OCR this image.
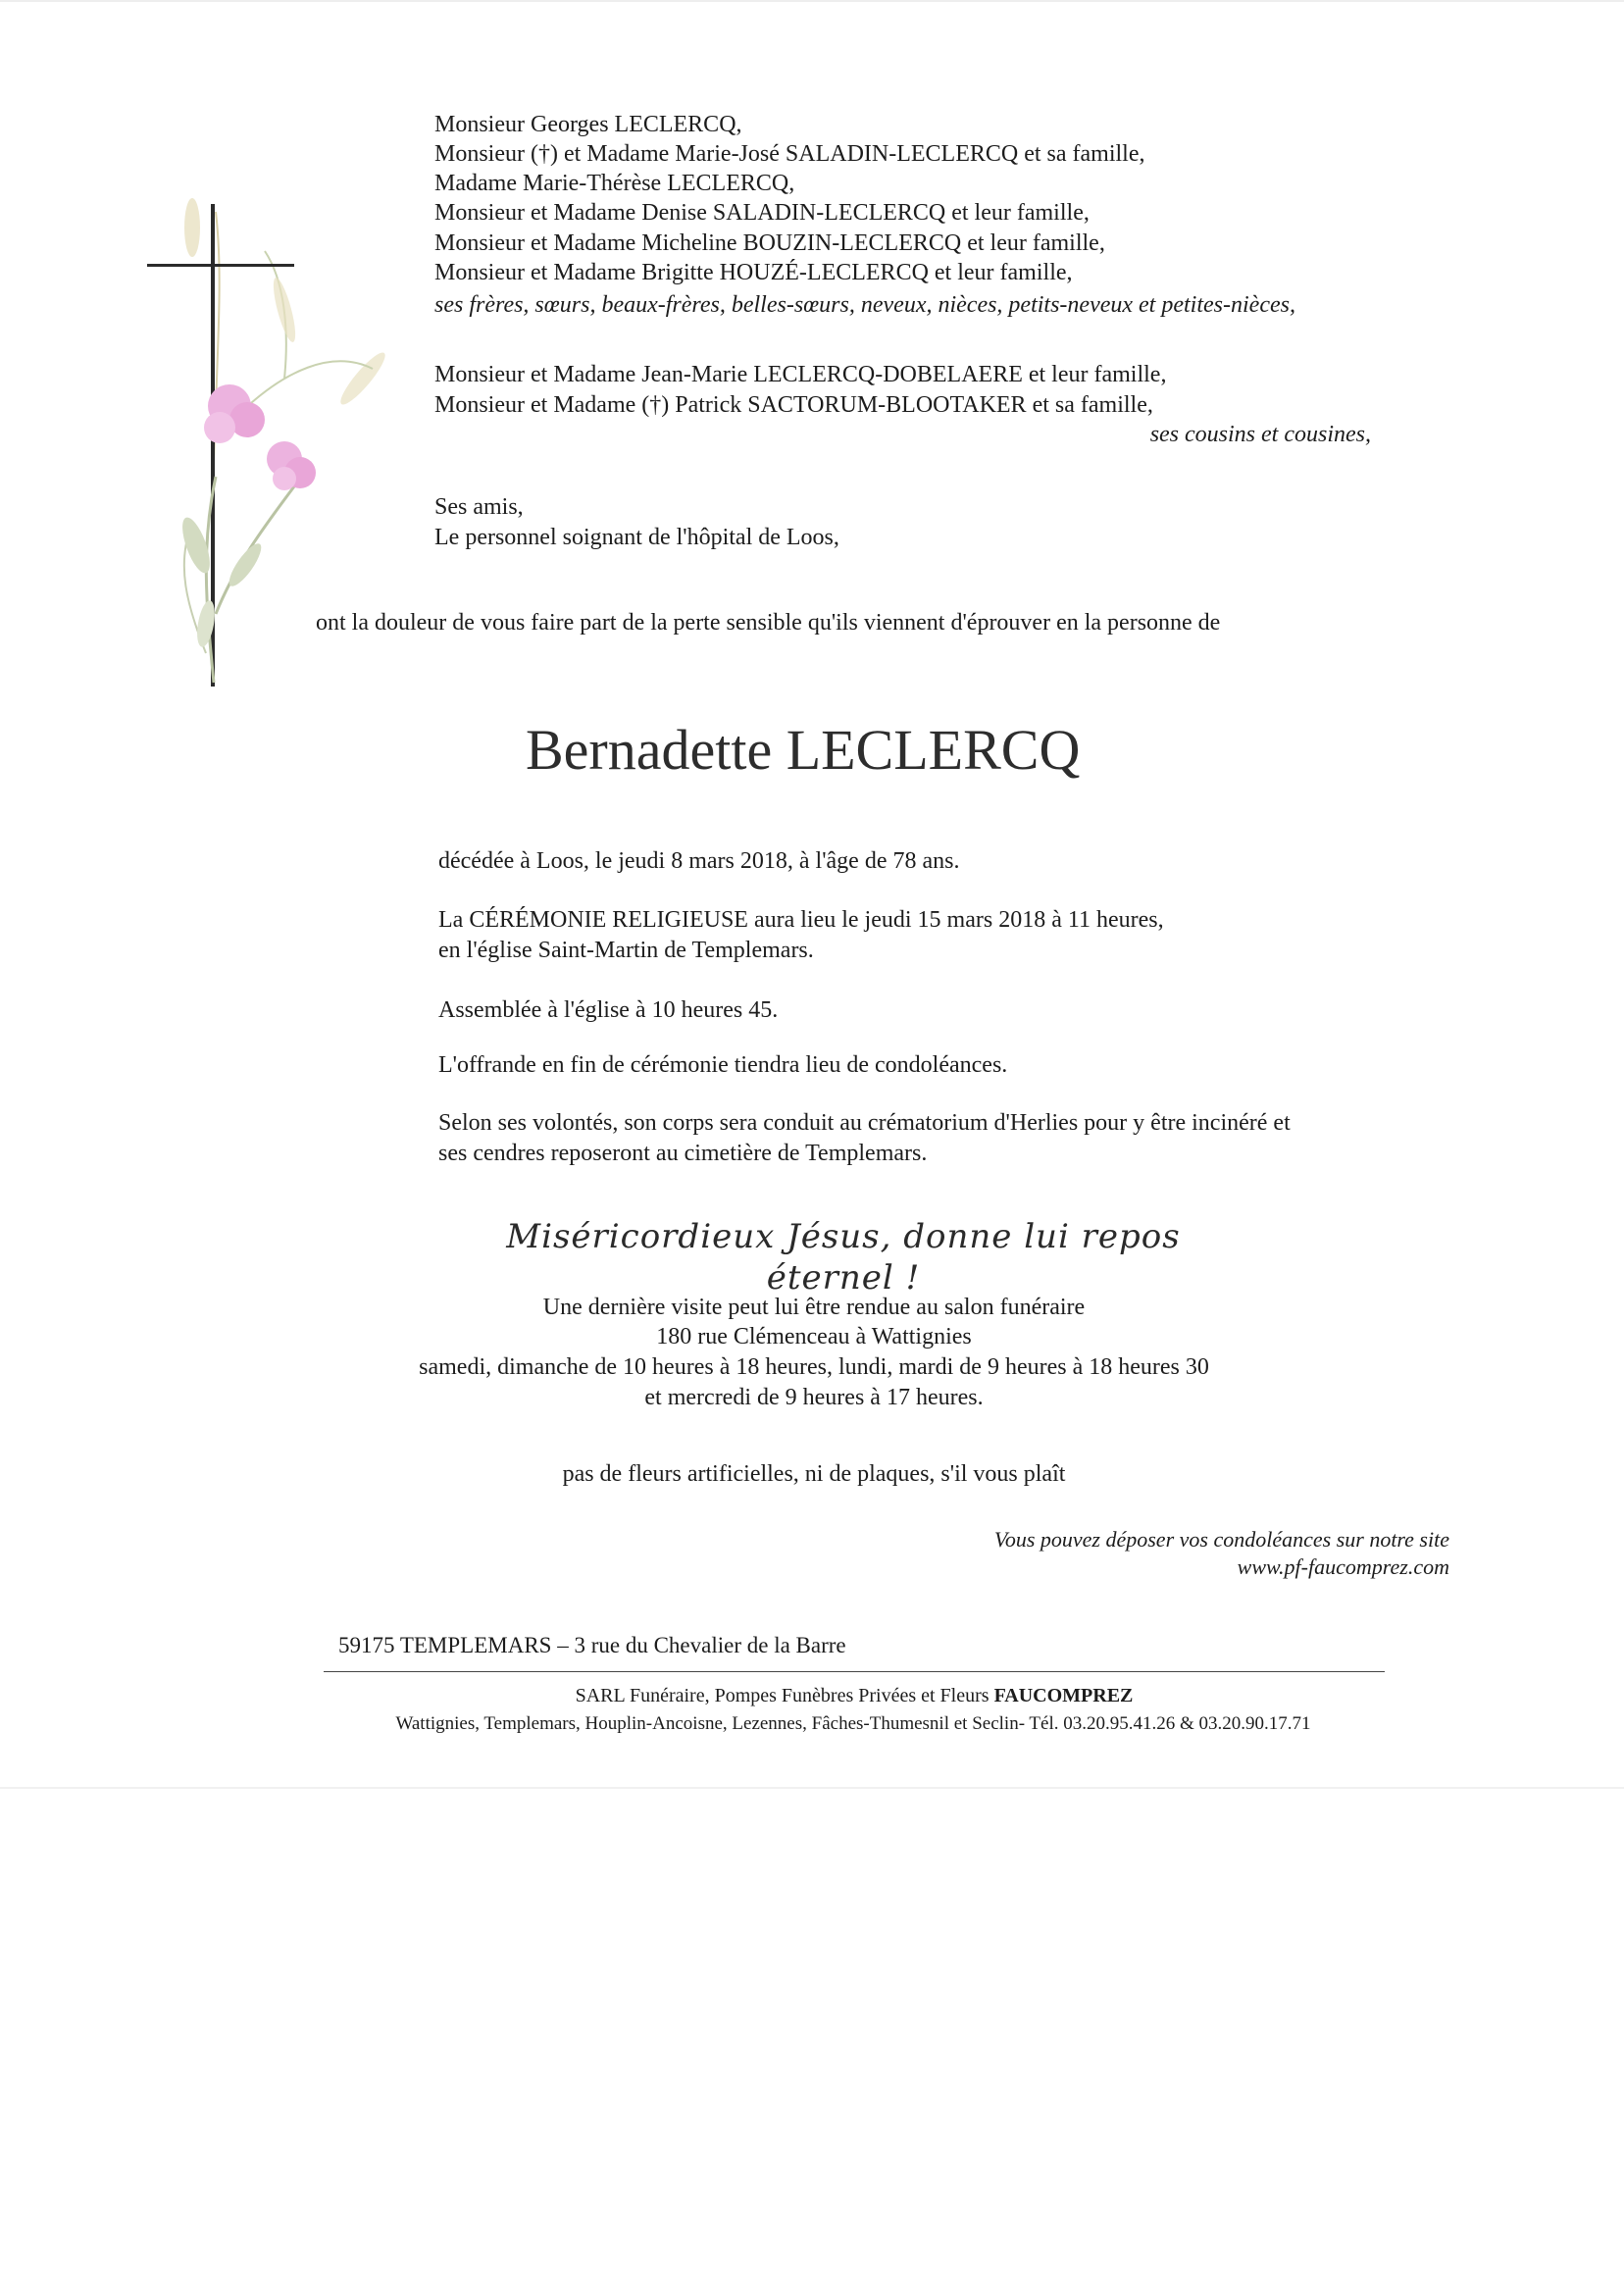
Monsieur Georges LECLERCQ,
Monsieur (†) et Madame Marie-José SALADIN-LECLERCQ et sa famille,
Madame Marie-Thérèse LECLERCQ,
Monsieur et Madame Denise SALADIN-LECLERCQ et leur famille,
Monsieur et Madame Micheline BOUZIN-LECLERCQ et leur famille,
Monsieur et Madame Brigitte HOUZÉ-LECLERCQ et leur famille,
ses frères, sœurs, beaux-frères, belles-sœurs, neveux, nièces, petits-neveux et petites-nièces,
Monsieur et Madame Jean-Marie LECLERCQ-DOBELAERE et leur famille,
Monsieur et Madame (†) Patrick SACTORUM-BLOOTAKER et sa famille,
ses cousins et cousines,
Ses amis,
Le personnel soignant de l'hôpital de Loos,
ont la douleur de vous faire part de la perte sensible qu'ils viennent d'éprouver en la personne de
Bernadette LECLERCQ
décédée à Loos, le jeudi 8 mars 2018, à l'âge de 78 ans.
La CÉRÉMONIE RELIGIEUSE aura lieu le jeudi 15 mars 2018 à 11 heures,
en l'église Saint-Martin de Templemars.
Assemblée à l'église à 10 heures 45.
L'offrande en fin de cérémonie tiendra lieu de condoléances.
Selon ses volontés, son corps sera conduit au crématorium d'Herlies pour y être incinéré et
ses cendres reposeront au cimetière de Templemars.
Miséricordieux Jésus, donne lui repos éternel !
Une dernière visite peut lui être rendue au salon funéraire
180 rue Clémenceau à Wattignies
samedi, dimanche de 10 heures à 18 heures, lundi, mardi de 9 heures à 18 heures 30
et mercredi de 9 heures à 17 heures.
pas de fleurs artificielles, ni de plaques, s'il vous plaît
Vous pouvez déposer vos condoléances sur notre site
www.pf-faucomprez.com
59175 TEMPLEMARS – 3 rue du Chevalier de la Barre
SARL Funéraire, Pompes Funèbres Privées et Fleurs FAUCOMPREZ
Wattignies, Templemars, Houplin-Ancoisne, Lezennes, Fâches-Thumesnil et Seclin- Tél. 03.20.95.41.26 & 03.20.90.17.71
